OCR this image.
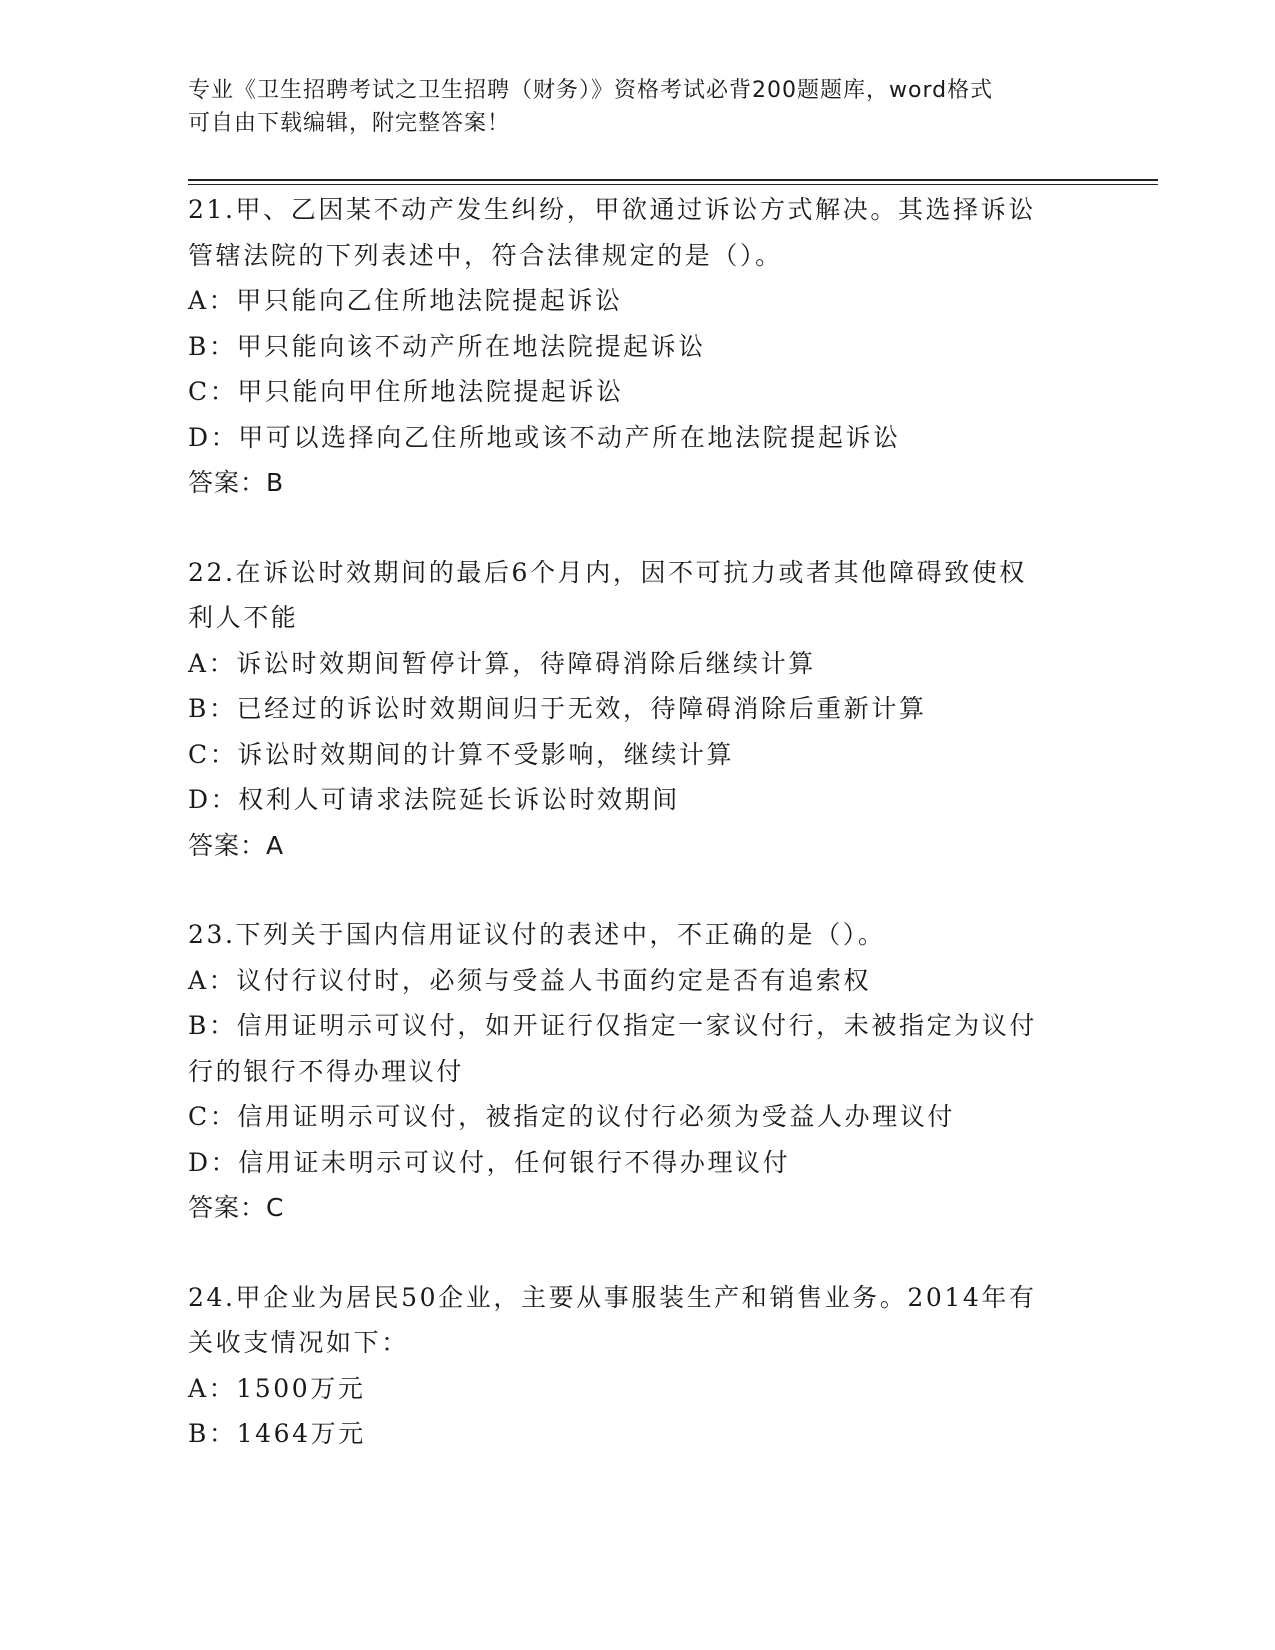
专业《卫生招聘考试之卫生招聘（财务）》资格考试必背200题题库，word格式
可自由下载编辑，附完整答案！
21.甲、乙因某不动产发生纠纷，甲欲通过诉讼方式解决。其选择诉讼
管辖法院的下列表述中，符合法律规定的是（）。
A：甲只能向乙住所地法院提起诉讼
B：甲只能向该不动产所在地法院提起诉讼
C：甲只能向甲住所地法院提起诉讼
D：甲可以选择向乙住所地或该不动产所在地法院提起诉讼
答案：B
22.在诉讼时效期间的最后6个月内，因不可抗力或者其他障碍致使权
利人不能
A：诉讼时效期间暂停计算，待障碍消除后继续计算
B：已经过的诉讼时效期间归于无效，待障碍消除后重新计算
C：诉讼时效期间的计算不受影响，继续计算
D：权利人可请求法院延长诉讼时效期间
答案：A
23.下列关于国内信用证议付的表述中，不正确的是（）。
A：议付行议付时，必须与受益人书面约定是否有追索权
B：信用证明示可议付，如开证行仅指定一家议付行，未被指定为议付
行的银行不得办理议付
C：信用证明示可议付，被指定的议付行必须为受益人办理议付
D：信用证未明示可议付，任何银行不得办理议付
答案：C
24.甲企业为居民50企业，主要从事服装生产和销售业务。2014年有
关收支情况如下：
A：1500万元
B：1464万元
